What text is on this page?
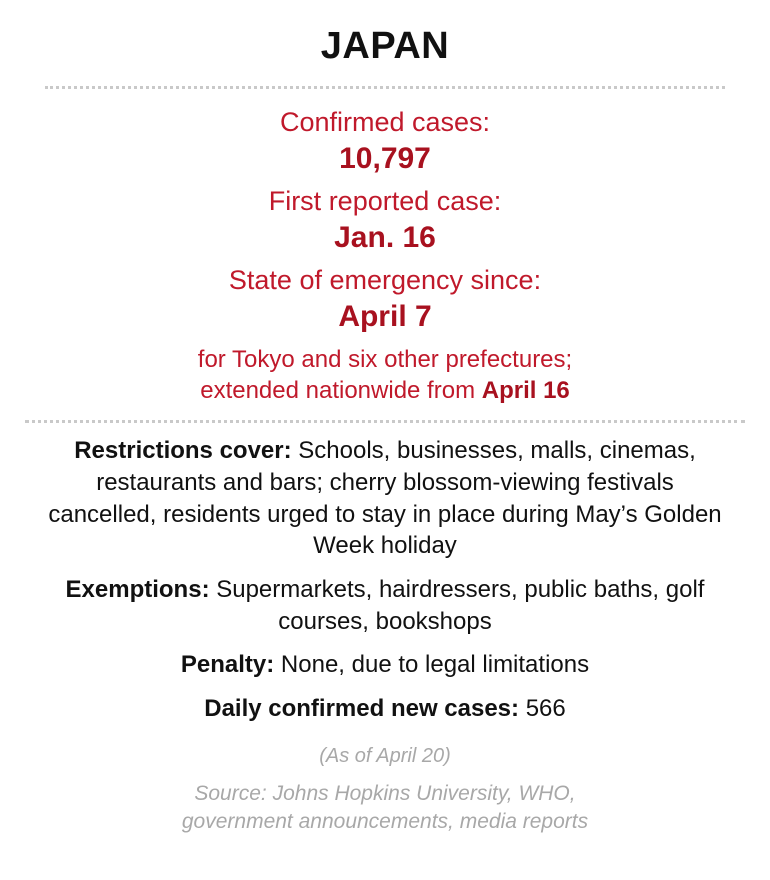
JAPAN
Confirmed cases:
10,797
First reported case:
Jan. 16
State of emergency since:
April 7
for Tokyo and six other prefectures;
extended nationwide from April 16
Restrictions cover: Schools, businesses, malls, cinemas, restaurants and bars; cherry blossom-viewing festivals cancelled, residents urged to stay in place during May’s Golden Week holiday
Exemptions: Supermarkets, hairdressers, public baths, golf courses, bookshops
Penalty: None, due to legal limitations
Daily confirmed new cases: 566
(As of April 20)
Source: Johns Hopkins University, WHO,
government announcements, media reports
